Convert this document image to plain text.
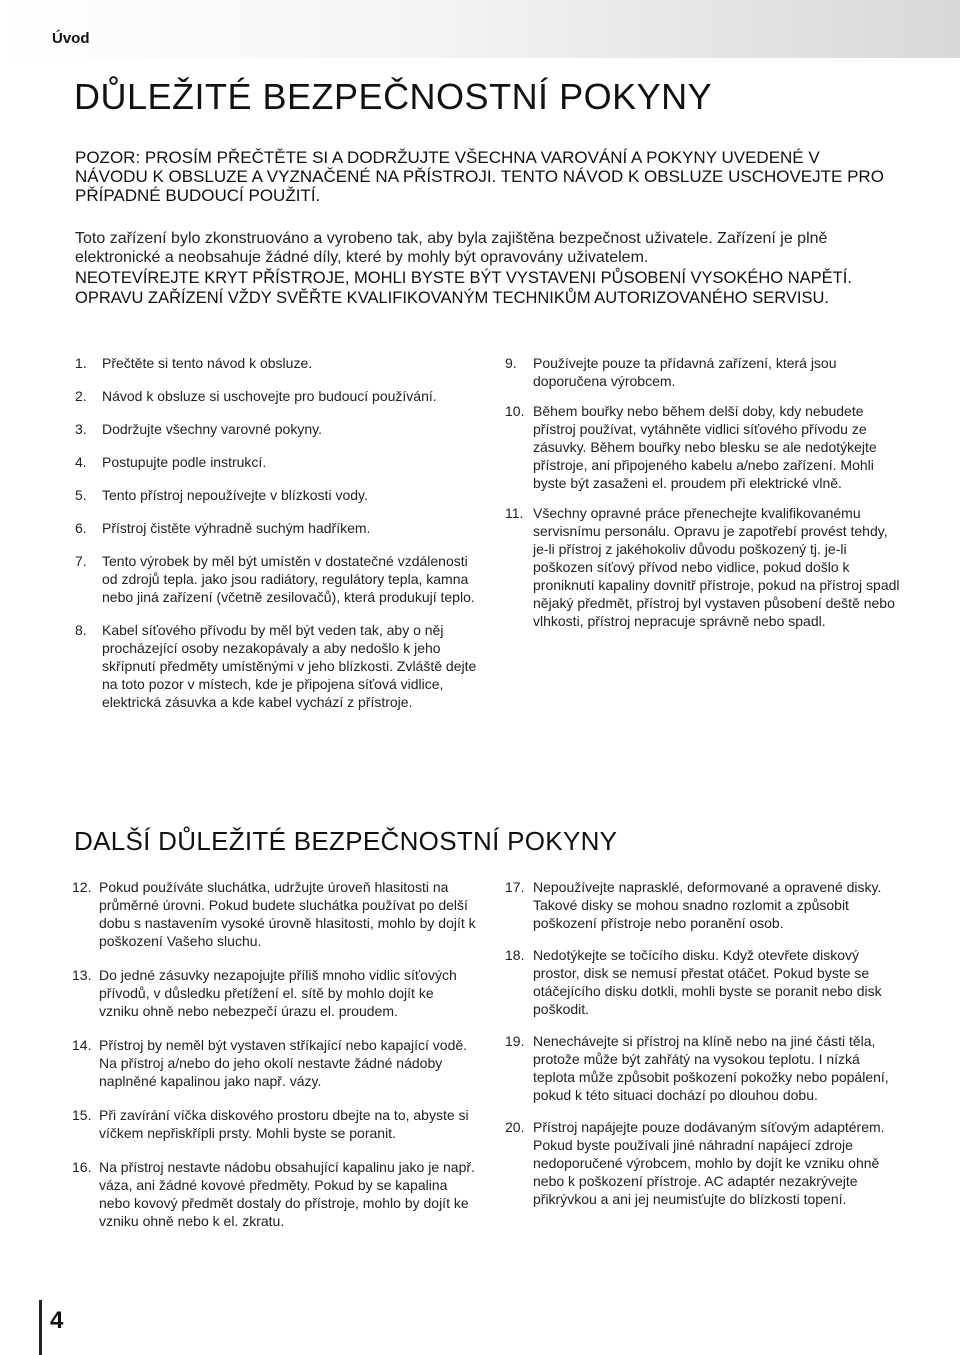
Úvod
DŮLEŽITÉ BEZPEČNOSTNÍ POKYNY

POZOR: PROSÍM PŘEČTĚTE SI A DODRŽUJTE VŠECHNA VAROVÁNÍ A POKYNY UVEDENÉ V NÁVODU K OBSLUZE A VYZNAČENÉ NA PŘÍSTROJI. TENTO NÁVOD K OBSLUZE USCHOVEJTE PRO PŘÍPADNÉ BUDOUCÍ POUŽITÍ.

Toto zařízení bylo zkonstruováno a vyrobeno tak, aby byla zajištěna bezpečnost uživatele. Zařízení je plně elektronické a neobsahuje žádné díly, které by mohly být opravovány uživatelem.

NEOTEVÍREJTE KRYT PŘÍSTROJE, MOHLI BYSTE BÝT VYSTAVENI PŮSOBENÍ VYSOKÉHO NAPĚTÍ. OPRAVU ZAŘÍZENÍ VŽDY SVĚŘTE KVALIFIKOVANÝM TECHNIKŮM AUTORIZOVANÉHO SERVISU.

1. Přečtěte si tento návod k obsluze.
2. Návod k obsluze si uschovejte pro budoucí používání.
3. Dodržujte všechny varovné pokyny.
4. Postupujte podle instrukcí.
5. Tento přístroj nepoužívejte v blízkosti vody.
6. Přístroj čistěte výhradně suchým hadříkem.
7. Tento výrobek by měl být umístěn v dostatečné vzdálenosti od zdrojů tepla. jako jsou radiátory, regulátory tepla, kamna nebo jiná zařízení (včetně zesilovačů), která produkují teplo.
8. Kabel síťového přívodu by měl být veden tak, aby o něj procházející osoby nezakopávaly a aby nedošlo k jeho skřípnutí předměty umístěnými v jeho blízkosti. Zvláště dejte na toto pozor v místech, kde je připojena síťová vidlice, elektrická zásuvka a kde kabel vychází z přístroje.
9. Používejte pouze ta přídavná zařízení, která jsou doporučena výrobcem.
10. Během bouřky nebo během delší doby, kdy nebudete přístroj používat, vytáhněte vidlici síťového přívodu ze zásuvky. Během bouřky nebo blesku se ale nedotýkejte přístroje, ani připojeného kabelu a/nebo zařízení. Mohli byste být zasaženi el. proudem při elektrické vlně.
11. Všechny opravné práce přenechejte kvalifikovanému servisnímu personálu. Opravu je zapotřebí provést tehdy, je-li přístroj z jakéhokoliv důvodu poškozený tj. je-li poškozen síťový přívod nebo vidlice, pokud došlo k proniknutí kapaliny dovnitř přístroje, pokud na přístroj spadl nějaký předmět, přístroj byl vystaven působení deště nebo vlhkosti, přístroj nepracuje správně nebo spadl.
DALŠÍ DŮLEŽITÉ BEZPEČNOSTNÍ POKYNY
12. Pokud používáte sluchátka, udržujte úroveň hlasitosti na průměrné úrovni. Pokud budete sluchátka používat po delší dobu s nastavením vysoké úrovně hlasitosti, mohlo by dojít k poškození Vašeho sluchu.
13. Do jedné zásuvky nezapojujte příliš mnoho vidlic síťových přívodů, v důsledku přetížení el. sítě by mohlo dojít ke vzniku ohně nebo nebezpečí úrazu el. proudem.
14. Přístroj by neměl být vystaven stříkající nebo kapající vodě. Na přístroj a/nebo do jeho okolí nestavte žádné nádoby naplněné kapalinou jako např. vázy.
15. Při zavírání víčka diskového prostoru dbejte na to, abyste si víčkem nepřiskřípli prsty. Mohli byste se poranit.
16. Na přístroj nestavte nádobu obsahující kapalinu jako je např. váza, ani žádné kovové předměty. Pokud by se kapalina nebo kovový předmět dostaly do přístroje, mohlo by dojít ke vzniku ohně nebo k el. zkratu.
17. Nepoužívejte naprasklé, deformované a opravené disky. Takové disky se mohou snadno rozlomit a způsobit poškození přístroje nebo poranění osob.
18. Nedotýkejte se točícího disku. Když otevřete diskový prostor, disk se nemusí přestat otáčet. Pokud byste se otáčejícího disku dotkli, mohli byste se poranit nebo disk poškodit.
19. Nenechávejte si přístroj na klíně nebo na jiné části těla, protože může být zahřátý na vysokou teplotu. I nízká teplota může způsobit poškození pokožky nebo popálení, pokud k této situaci dochází po dlouhou dobu.
20. Přístroj napájejte pouze dodávaným síťovým adaptérem. Pokud byste používali jiné náhradní napájecí zdroje nedoporučené výrobcem, mohlo by dojít ke vzniku ohně nebo k poškození přístroje. AC adaptér nezakrývejte přikrývkou a ani jej neumisťujte do blízkosti topení.
4
